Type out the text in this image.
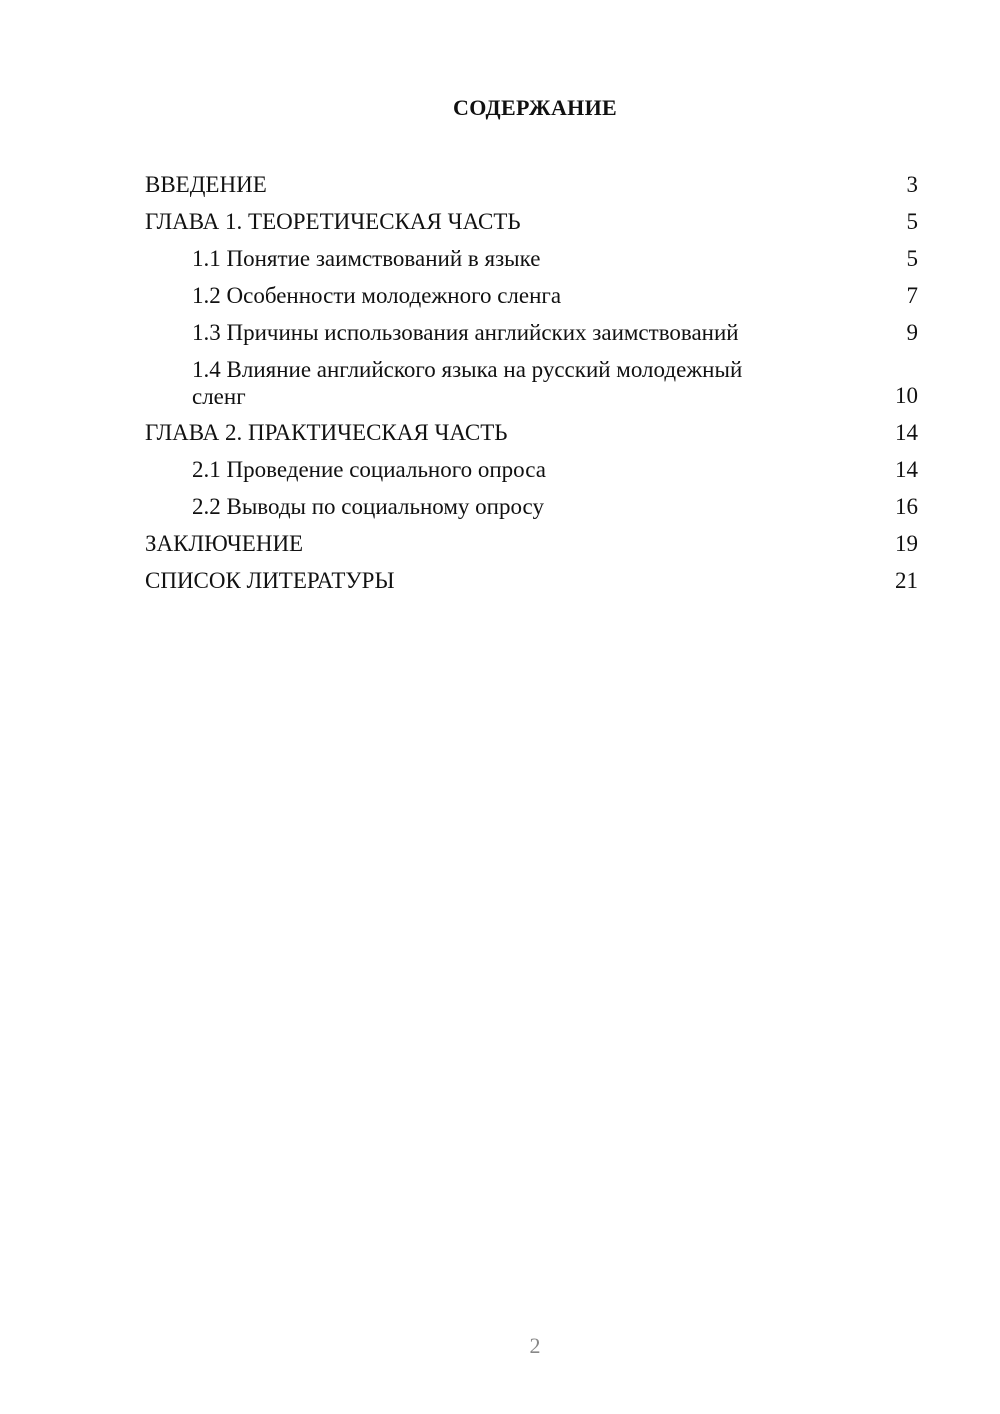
СОДЕРЖАНИЕ
ВВЕДЕНИЕ	3
ГЛАВА 1. ТЕОРЕТИЧЕСКАЯ ЧАСТЬ	5
1.1 Понятие заимствований в языке	5
1.2 Особенности молодежного сленга	7
1.3 Причины использования английских заимствований	9
1.4 Влияние английского языка на русский молодежный сленг	10
ГЛАВА 2. ПРАКТИЧЕСКАЯ ЧАСТЬ	14
2.1 Проведение социального опроса	14
2.2 Выводы по социальному опросу	16
ЗАКЛЮЧЕНИЕ	19
СПИСОК ЛИТЕРАТУРЫ	21
2
